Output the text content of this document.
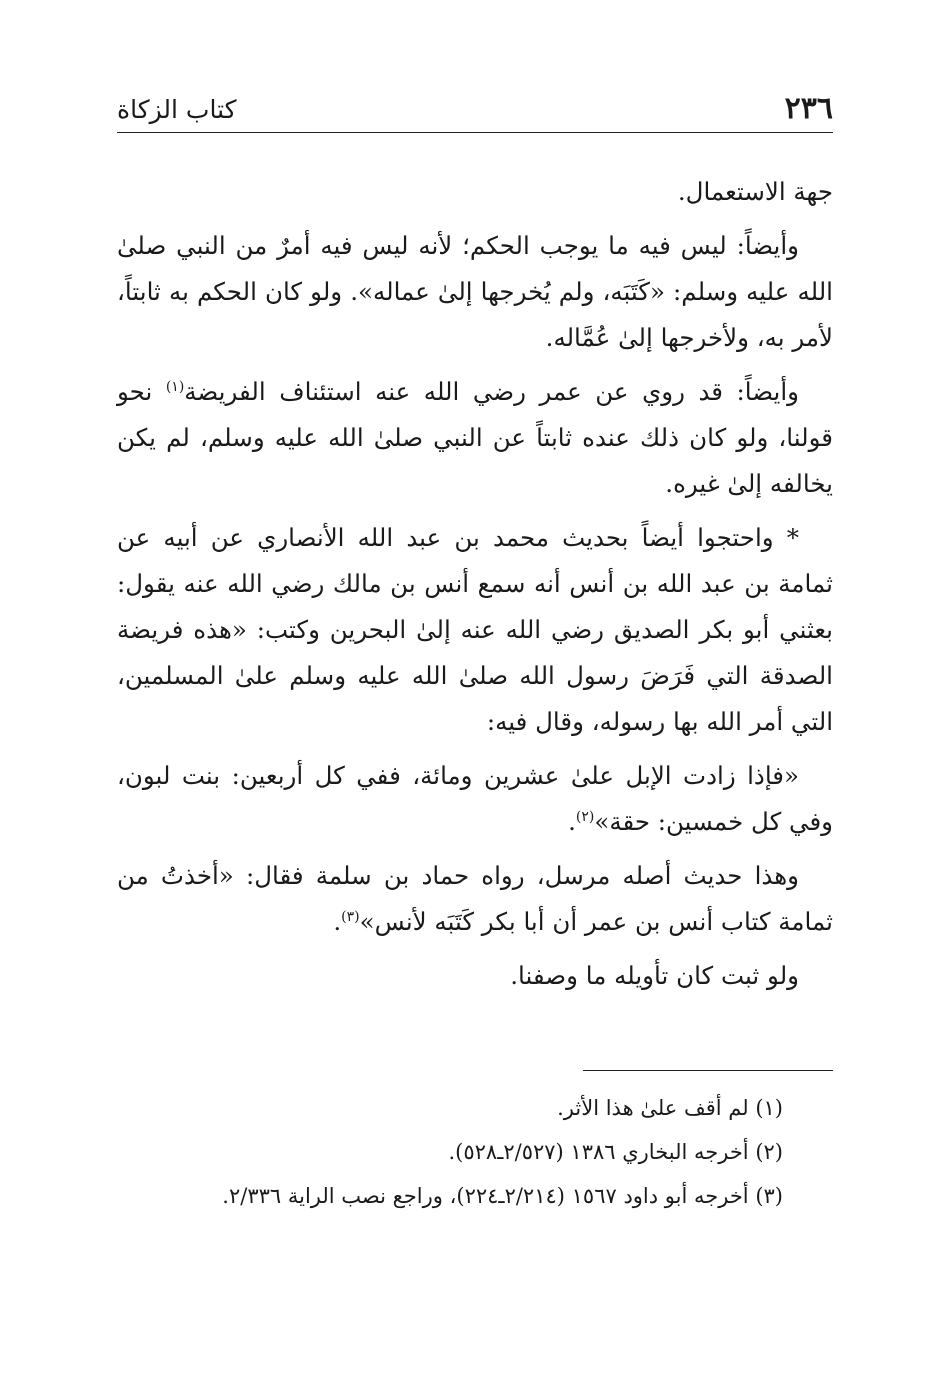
٢٣٦
كتاب الزكاة

جهة الاستعمال.

وأيضاً: ليس فيه ما يوجب الحكم؛ لأنه ليس فيه أمرٌ من النبي صلىٰ الله عليه وسلم: «كَتَبَه، ولم يُخرجها إلىٰ عماله». ولو كان الحكم به ثابتاً، لأمر به، ولأخرجها إلىٰ عُمَّاله.

وأيضاً: قد روي عن عمر رضي الله عنه استئناف الفريضة$^{(١)}$ نحو قولنا، ولو كان ذلك عنده ثابتاً عن النبي صلىٰ الله عليه وسلم، لم يكن يخالفه إلىٰ غيره.

* واحتجوا أيضاً بحديث محمد بن عبد الله الأنصاري عن أبيه عن ثمامة بن عبد الله بن أنس أنه سمع أنس بن مالك رضي الله عنه يقول: بعثني أبو بكر الصديق رضي الله عنه إلىٰ البحرين وكتب: «هذه فريضة الصدقة التي فَرَضَ رسول الله صلىٰ الله عليه وسلم علىٰ المسلمين، التي أمر الله بها رسوله، وقال فيه:

«فإذا زادت الإبل علىٰ عشرين ومائة، ففي كل أربعين: بنت لبون، وفي كل خمسين: حقة»$^{(٢)}$.

وهذا حديث أصله مرسل، رواه حماد بن سلمة فقال: «أخذتُ من ثمامة كتاب أنس بن عمر أن أبا بكر كَتَبَه لأنس»$^{(٣)}$.

ولو ثبت كان تأويله ما وصفنا.

(١) لم أقف علىٰ هذا الأثر.

(٢) أخرجه البخاري ١٣٨٦ (٢/٥٢٧ـ٥٢٨).

(٣) أخرجه أبو داود ١٥٦٧ (٢/٢١٤ـ٢٢٤)، وراجع نصب الراية ٢/٣٣٦.
